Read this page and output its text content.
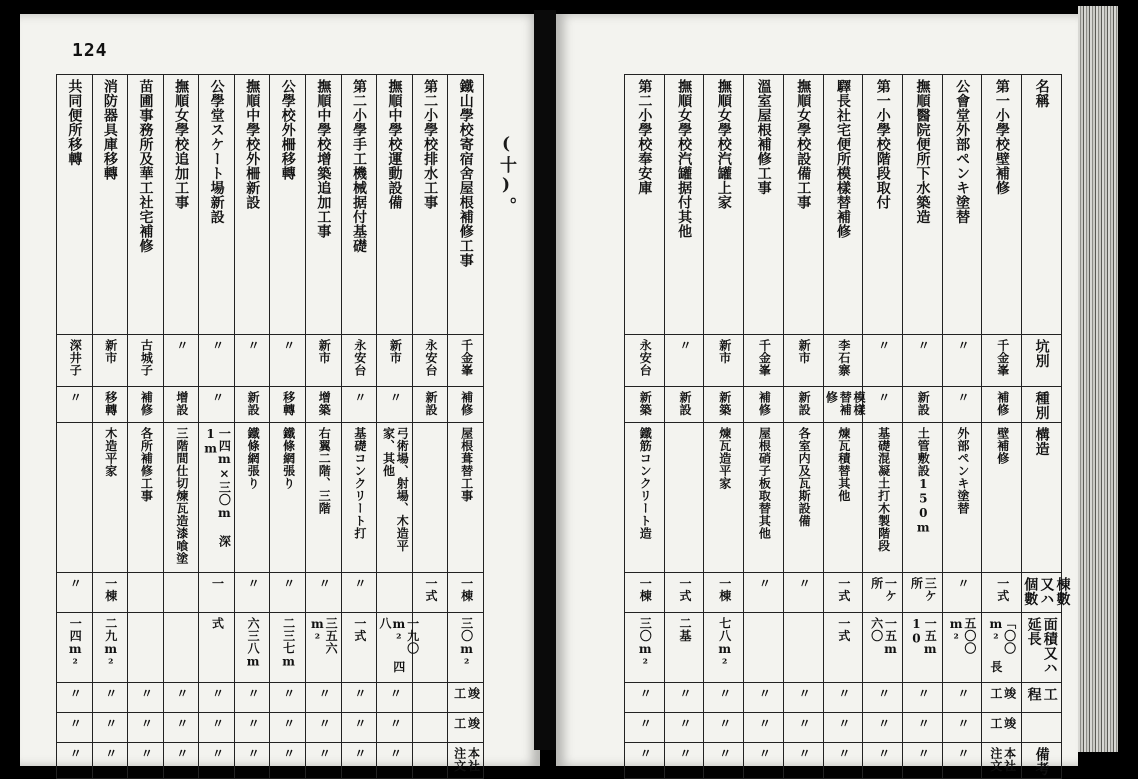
124
(十)。
共同便所移轉	消防器具庫移轉	苗圃事務所及華工社宅補修	撫順女學校追加工事	公學堂スケート場新設	撫順中學校外柵新設	公學校外柵移轉	撫順中學校增築追加工事	第二小學手工機械据付基礎	撫順中學校運動設備	第二小學校排水工事	鐵山學校寄宿舍屋根補修工事

深井子	新市	古城子	〃	〃	〃	〃	新市	永安台	新市	永安台	千金峯

〃	移轉	補修	增設	〃	新設	移轉	增築	〃	〃	新設	補修

	木造平家	各所補修工事	三階間仕切煉瓦造漆喰塗	一四m×三〇m 深1m	鐵條網張り	鐵條網張り	右翼二階、三階	基礎コンクリート打	弓術場、射場、木造平家、其他		屋根葺替工事

〃	一棟			一	〃	〃	〃	〃		一式	一棟

一四m²	二九m²			式	六三八m	二三七m	三五六m²	一式	一九〇m² 四八		三〇m²

〃	〃	〃	〃	〃	〃	〃	〃	〃	〃		竣工

〃	〃	〃	〃	〃	〃	〃	〃	〃	〃		竣工

〃	〃	〃	〃	〃	〃	〃	〃	〃	〃		本社注文
第二小學校奉安庫	撫順女學校汽罐据付其他	撫順女學校汽罐上家	溫室屋根補修工事	撫順女學校設備工事	驛長社宅便所模樣替補修	第一小學校階段取付	撫順醫院便所下水築造	公會堂外部ペンキ塗替	第一小學校壁補修	名稱

永安台	〃	新市	千金峯	新市	李石寨	〃	〃	〃	千金峯	坑別

新築	新設	新築	補修	新設	模樣替補修	〃	新設	〃	補修	種別

鐵筋コンクリート造		煉瓦造平家	屋根硝子板取替其他	各室内及瓦斯設備	煉瓦積替其他	基礎混凝土打木製階段	土管敷設150m	外部ペンキ塗替	壁補修	構造

一棟	一式	一棟	〃	〃	一式	一ケ所	三ケ所	〃	一式	棟數又ハ個數

三〇m²	二基	七八m²			一式	一五m 六〇	一五m 10	五〇〇m²	「〇〇m² 長	面積又ハ延長

〃	〃	〃	〃	〃	〃	〃	〃	〃	竣工	工程

〃	〃	〃	〃	〃	〃	〃	〃	〃	竣工	

〃	〃	〃	〃	〃	〃	〃	〃	〃	本社注文	備考
